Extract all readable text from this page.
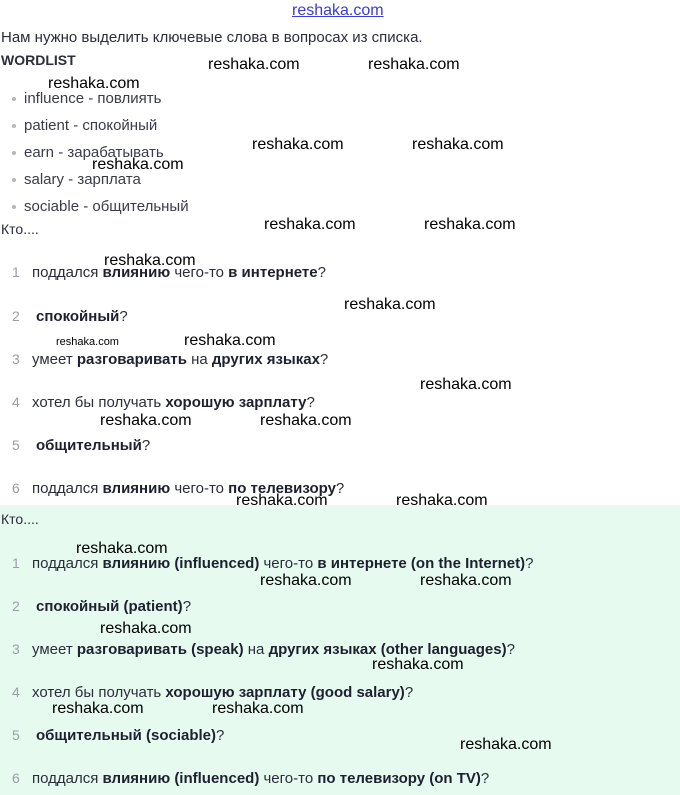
reshaka.com
Нам нужно выделить ключевые слова в вопросах из списка.
WORDLIST
influence - повлиять
patient - спокойный
earn - зарабатывать
salary - зарплата
sociable - общительный
Кто....
1 поддался влиянию чего-то в интернете?
2 спокойный?
3 умеет разговаривать на других языках?
4 хотел бы получать хорошую зарплату?
5 общительный?
6 поддался влиянию чего-то по телевизору?
Кто....
1 поддался влиянию (influenced) чего-то в интернете (on the Internet)?
2 спокойный (patient)?
3 умеет разговаривать (speak) на других языках (other languages)?
4 хотел бы получать хорошую зарплату (good salary)?
5 общительный (sociable)?
6 поддался влиянию (influenced) чего-то по телевизору (on TV)?
reshaka.com
reshaka.com	reshaka.com
reshaka.com	reshaka.com
reshaka.com
reshaka.com	reshaka.com
reshaka.com
reshaka.com
reshaka.com	reshaka.com
reshaka.com
reshaka.com	reshaka.com
reshaka.com	reshaka.com
reshaka.com
reshaka.com	reshaka.com
reshaka.com
reshaka.com
reshaka.com	reshaka.com
reshaka.com
